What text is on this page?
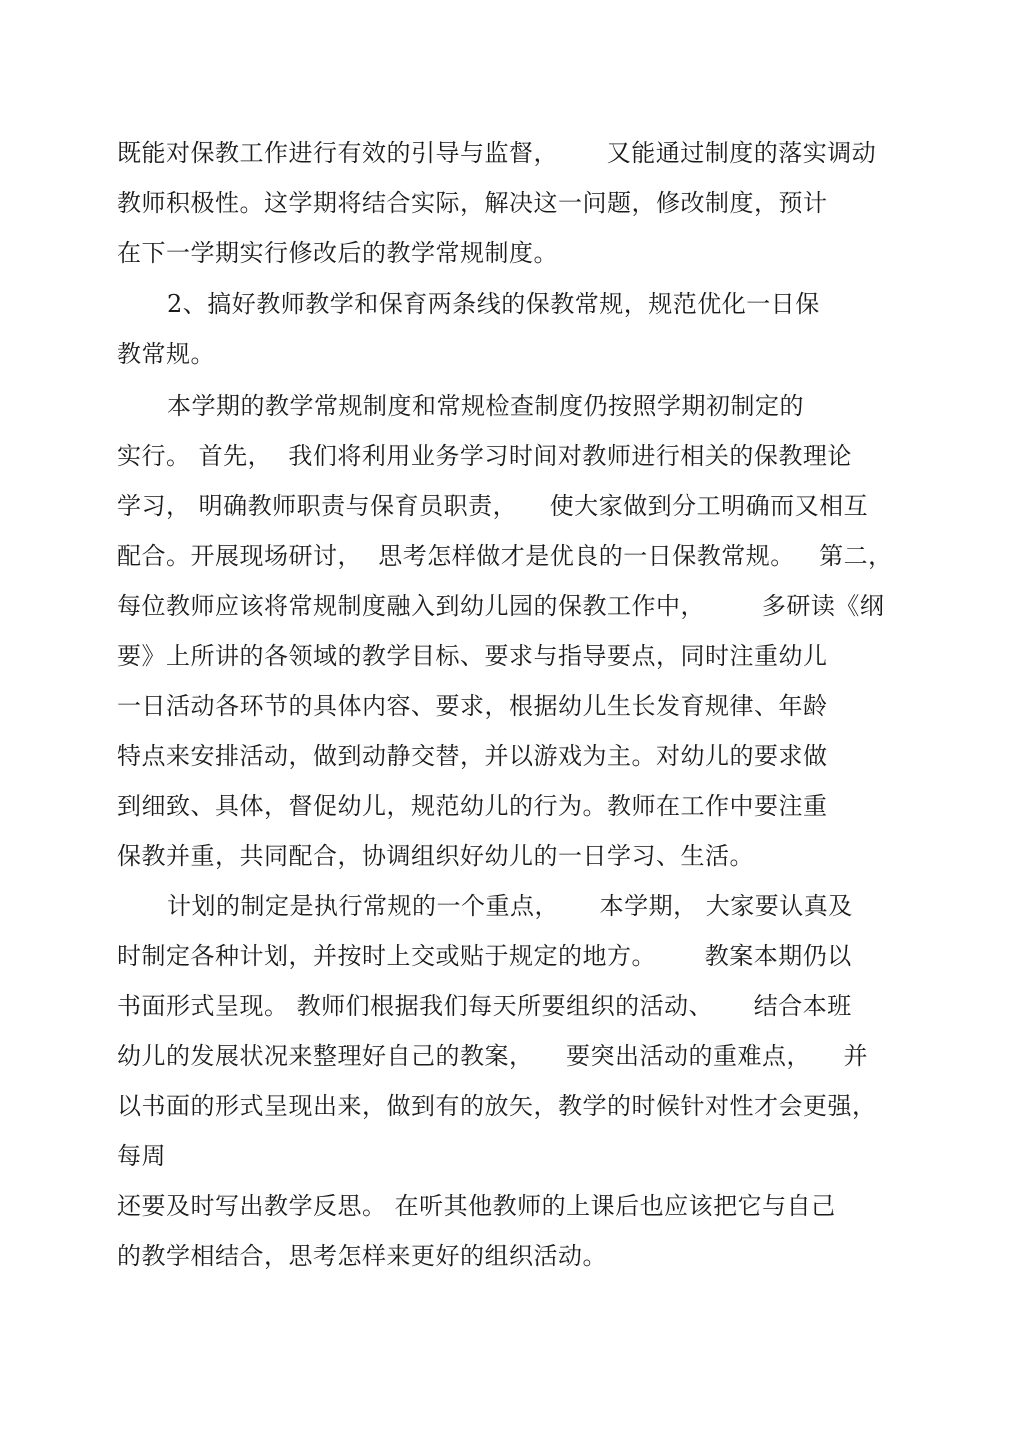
既能对保教工作进行有效的引导与监督，      又能通过制度的落实调动
教师积极性。这学期将结合实际，解决这一问题，修改制度，预计
在下一学期实行修改后的教学常规制度。
2、搞好教师教学和保育两条线的保教常规，规范优化一日保
教常规。
本学期的教学常规制度和常规检查制度仍按照学期初制定的
实行。 首先，  我们将利用业务学习时间对教师进行相关的保教理论
学习， 明确教师职责与保育员职责，    使大家做到分工明确而又相互
配合。开展现场研讨，  思考怎样做才是优良的一日保教常规。   第二，
每位教师应该将常规制度融入到幼儿园的保教工作中，       多研读《纲
要》上所讲的各领域的教学目标、要求与指导要点，同时注重幼儿
一日活动各环节的具体内容、要求，根据幼儿生长发育规律、年龄
特点来安排活动，做到动静交替，并以游戏为主。对幼儿的要求做
到细致、具体，督促幼儿，规范幼儿的行为。教师在工作中要注重
保教并重，共同配合，协调组织好幼儿的一日学习、生活。
计划的制定是执行常规的一个重点，     本学期， 大家要认真及
时制定各种计划，并按时上交或贴于规定的地方。      教案本期仍以
书面形式呈现。 教师们根据我们每天所要组织的活动、     结合本班
幼儿的发展状况来整理好自己的教案，    要突出活动的重难点，    并
以书面的形式呈现出来，做到有的放矢，教学的时候针对性才会更强，
每周
还要及时写出教学反思。 在听其他教师的上课后也应该把它与自己
的教学相结合，思考怎样来更好的组织活动。
